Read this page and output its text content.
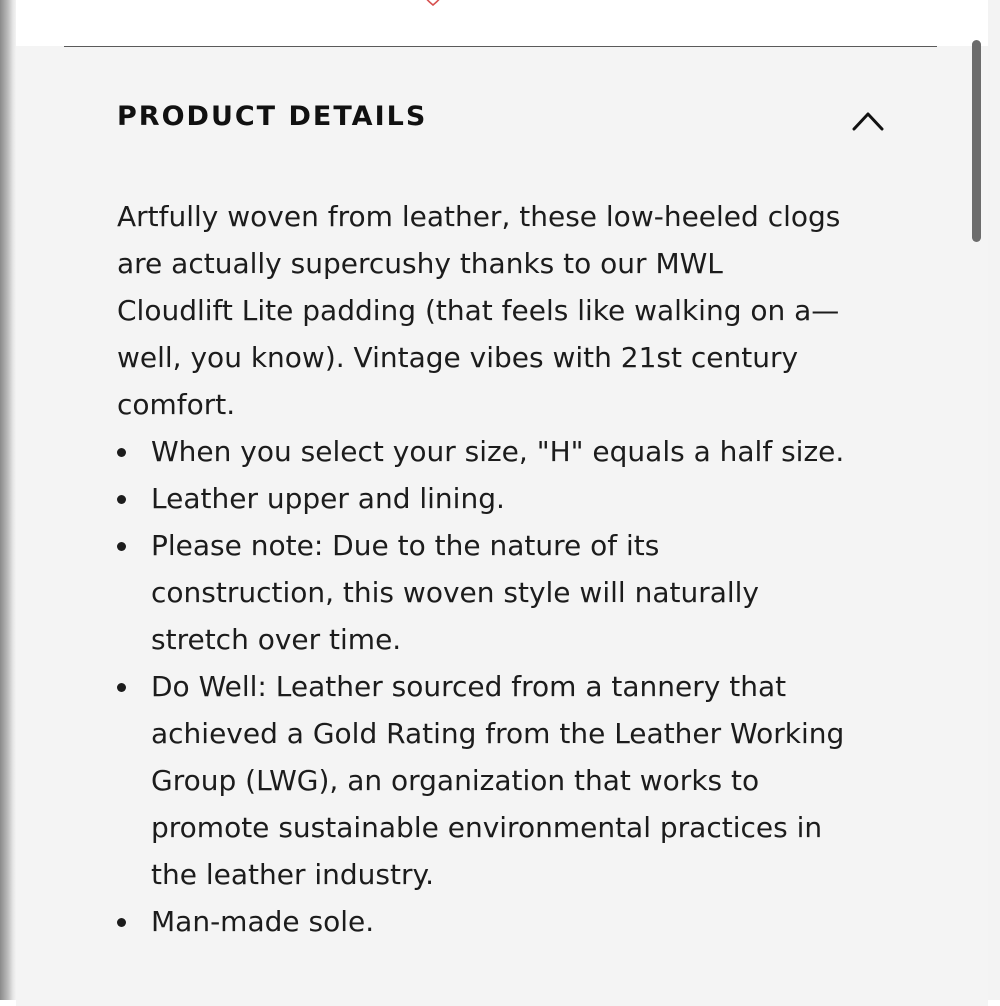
PRODUCT DETAILS

Artfully woven from leather, these low-heeled clogs are actually supercushy thanks to our MWL Cloudlift Lite padding (that feels like walking on a—well, you know). Vintage vibes with 21st century comfort.

When you select your size, "H" equals a half size.
Leather upper and lining.
Please note: Due to the nature of its construction, this woven style will naturally stretch over time.
Do Well: Leather sourced from a tannery that achieved a Gold Rating from the Leather Working Group (LWG), an organization that works to promote sustainable environmental practices in the leather industry.
Man-made sole.
